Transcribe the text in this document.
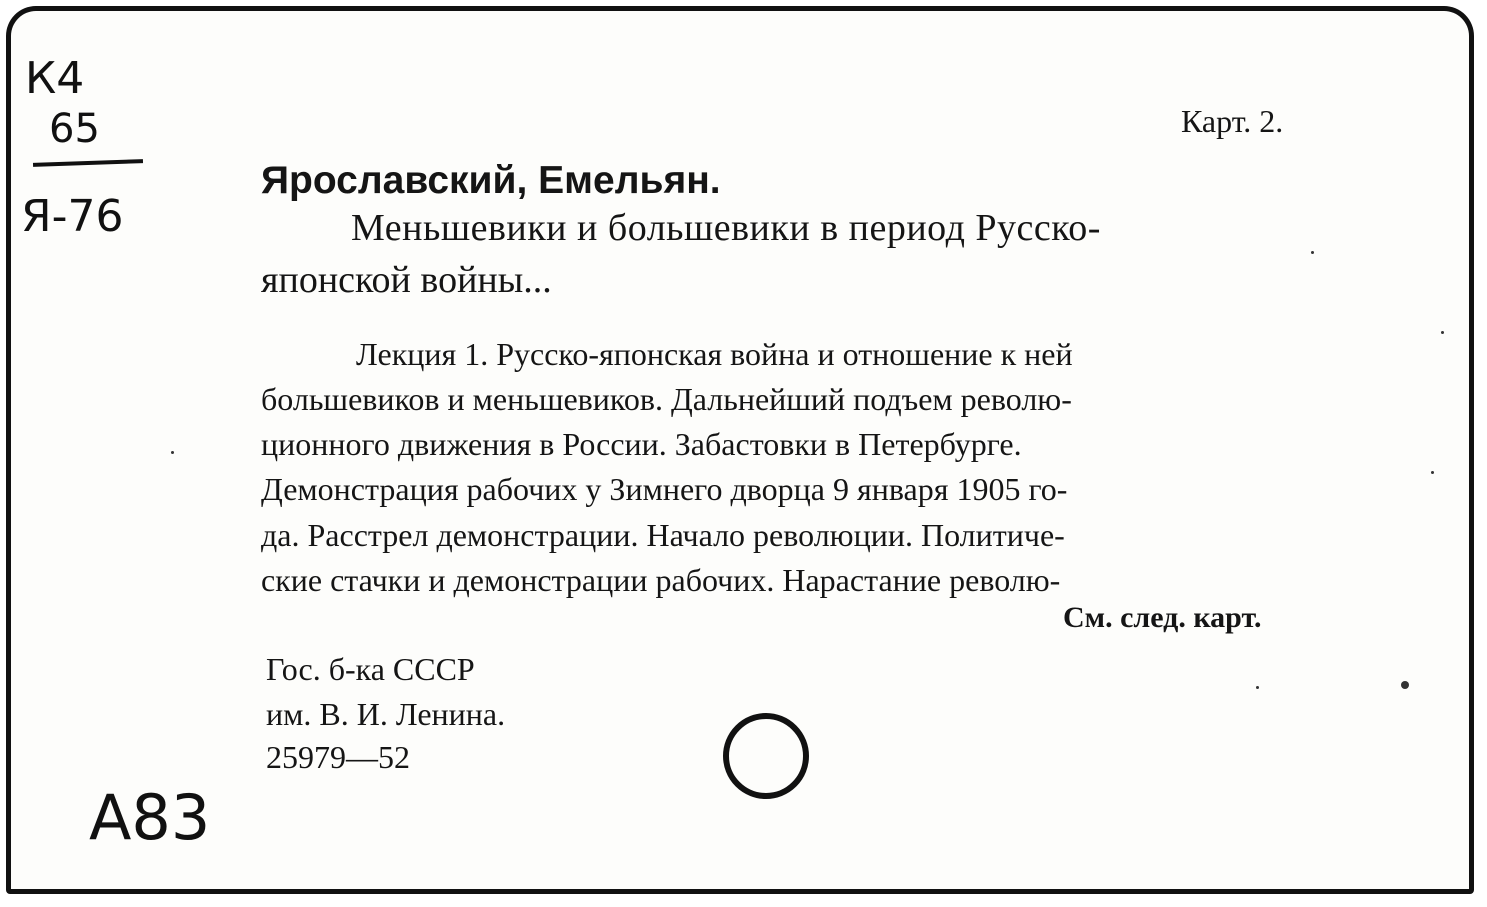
К4
65
Я-76
Карт. 2.
Ярославский, Емельян.
Меньшевики и большевики в период Русско-
японской войны...
Лекция 1. Русско-японская война и отношение к ней
большевиков и меньшевиков. Дальнейший подъем револю-
ционного движения в России. Забастовки в Петербурге.
Демонстрация рабочих у Зимнего дворца 9 января 1905 го-
да. Расстрел демонстрации. Начало революции. Политиче-
ские стачки и демонстрации рабочих. Нарастание револю-
См. след. карт.
Гос. б-ка СССР
им. В. И. Ленина.
25979—52
А83
